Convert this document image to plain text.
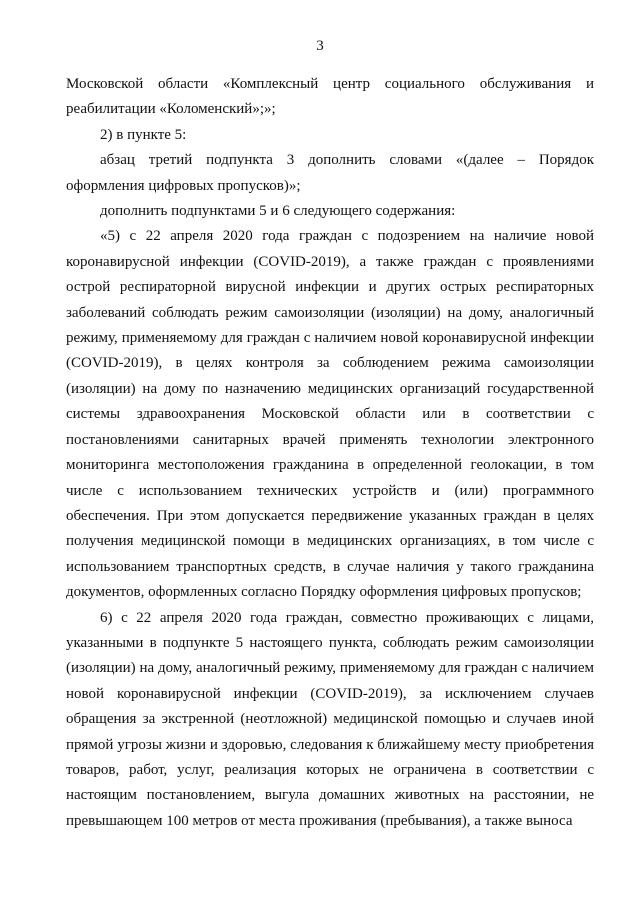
3

Московской области «Комплексный центр социального обслуживания и реабилитации «Коломенский»;»;

2) в пункте 5:

абзац третий подпункта 3 дополнить словами «(далее – Порядок оформления цифровых пропусков)»;

дополнить подпунктами 5 и 6 следующего содержания:

«5) с 22 апреля 2020 года граждан с подозрением на наличие новой коронавирусной инфекции (COVID-2019), а также граждан с проявлениями острой респираторной вирусной инфекции и других острых респираторных заболеваний соблюдать режим самоизоляции (изоляции) на дому, аналогичный режиму, применяемому для граждан с наличием новой коронавирусной инфекции (COVID-2019), в целях контроля за соблюдением режима самоизоляции (изоляции) на дому по назначению медицинских организаций государственной системы здравоохранения Московской области или в соответствии с постановлениями санитарных врачей применять технологии электронного мониторинга местоположения гражданина в определенной геолокации, в том числе с использованием технических устройств и (или) программного обеспечения. При этом допускается передвижение указанных граждан в целях получения медицинской помощи в медицинских организациях, в том числе с использованием транспортных средств, в случае наличия у такого гражданина документов, оформленных согласно Порядку оформления цифровых пропусков;

6) с 22 апреля 2020 года граждан, совместно проживающих с лицами, указанными в подпункте 5 настоящего пункта, соблюдать режим самоизоляции (изоляции) на дому, аналогичный режиму, применяемому для граждан с наличием новой коронавирусной инфекции (COVID-2019), за исключением случаев обращения за экстренной (неотложной) медицинской помощью и случаев иной прямой угрозы жизни и здоровью, следования к ближайшему месту приобретения товаров, работ, услуг, реализация которых не ограничена в соответствии с настоящим постановлением, выгула домашних животных на расстоянии, не превышающем 100 метров от места проживания (пребывания), а также выноса
